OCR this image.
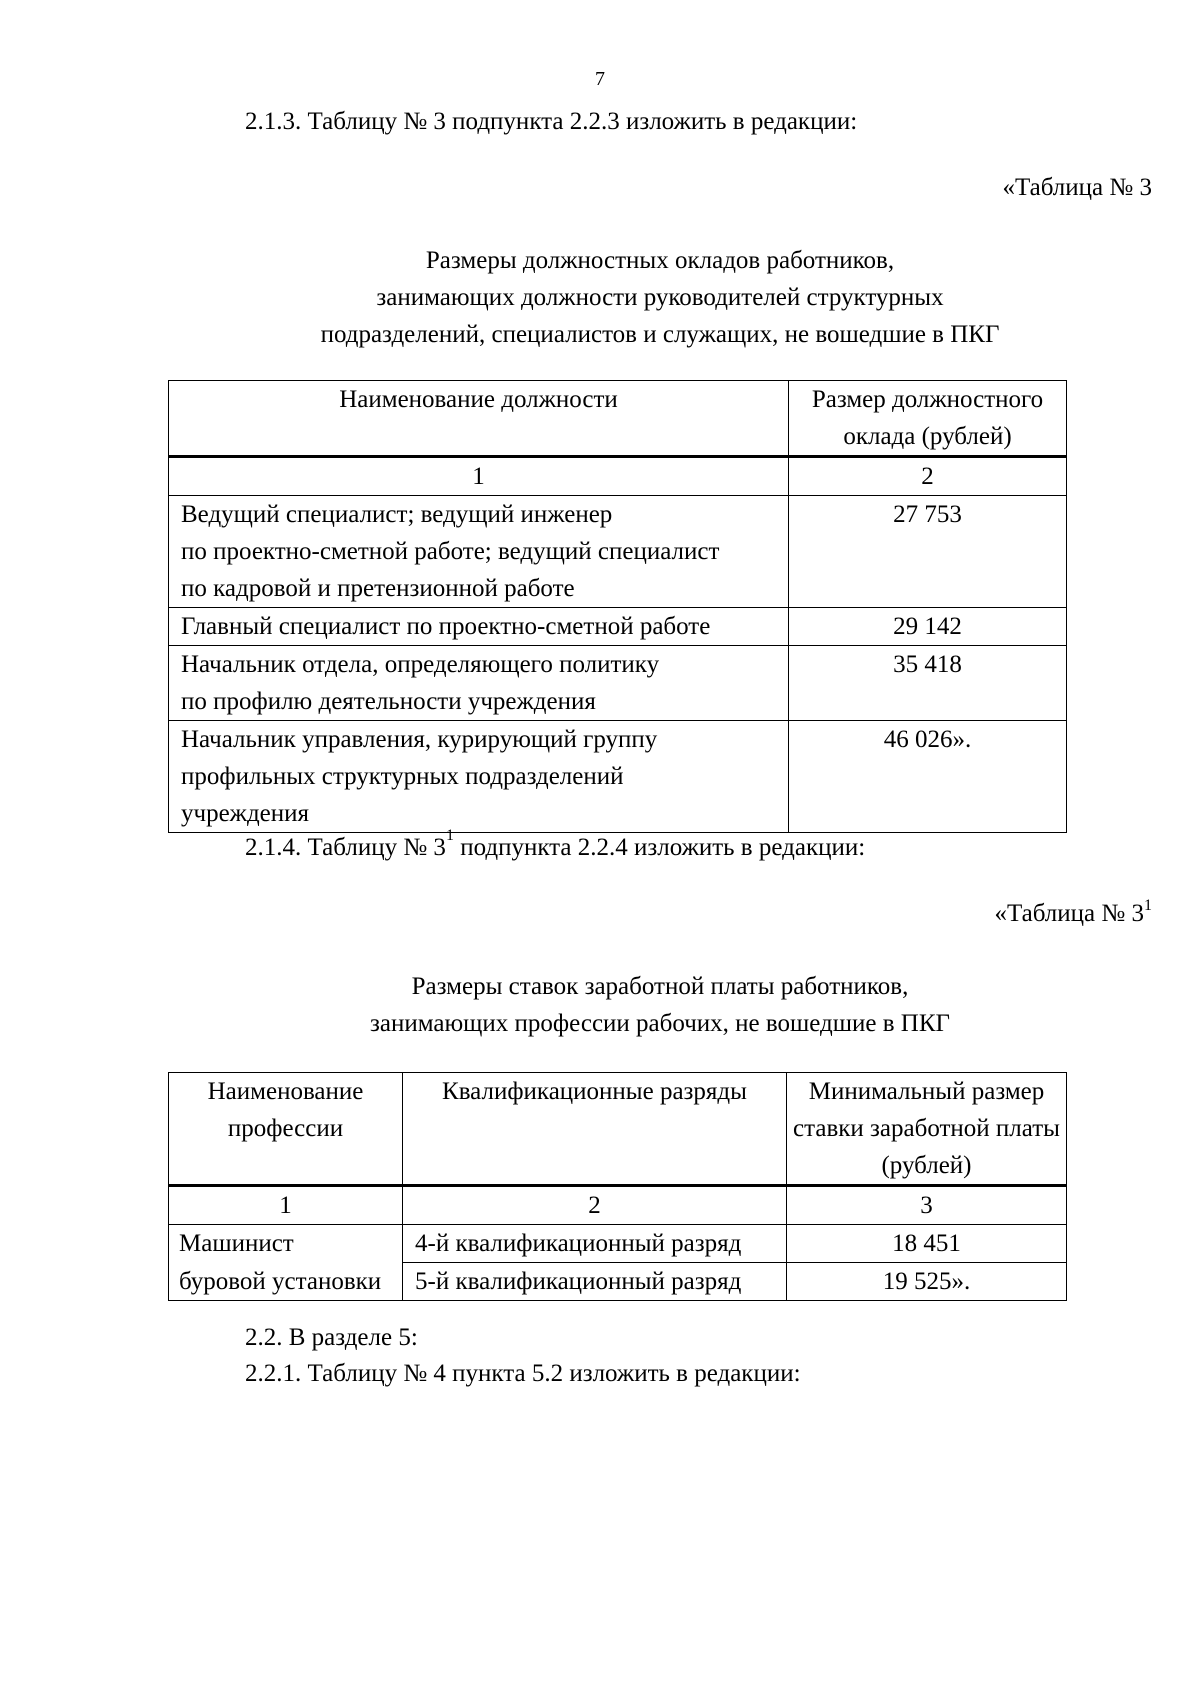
7
2.1.3. Таблицу № 3 подпункта 2.2.3 изложить в редакции:
«Таблица № 3
Размеры должностных окладов работников,
занимающих должности руководителей структурных
подразделений, специалистов и служащих, не вошедшие в ПКГ
Наименование должности	Размер должностного оклада (рублей)
1	2

Ведущий специалист; ведущий инженер
по проектно-сметной работе; ведущий специалист
по кадровой и претензионной работе	27 753

Главный специалист по проектно-сметной работе	29 142

Начальник отдела, определяющего политику
по профилю деятельности учреждения	35 418

Начальник управления, курирующий группу
профильных структурных подразделений
учреждения	46 026».
2.1.4. Таблицу № $3^1$ подпункта 2.2.4 изложить в редакции:
«Таблица № $3^1$
Размеры ставок заработной платы работников,
занимающих профессии рабочих, не вошедшие в ПКГ
Наименование профессии	Квалификационные разряды	Минимальный размер ставки заработной платы (рублей)
1	2	3
Машинист	4-й квалификационный разряд	18 451
буровой установки	5-й квалификационный разряд	19 525».
2.2. В разделе 5:
2.2.1. Таблицу № 4 пункта 5.2 изложить в редакции:
